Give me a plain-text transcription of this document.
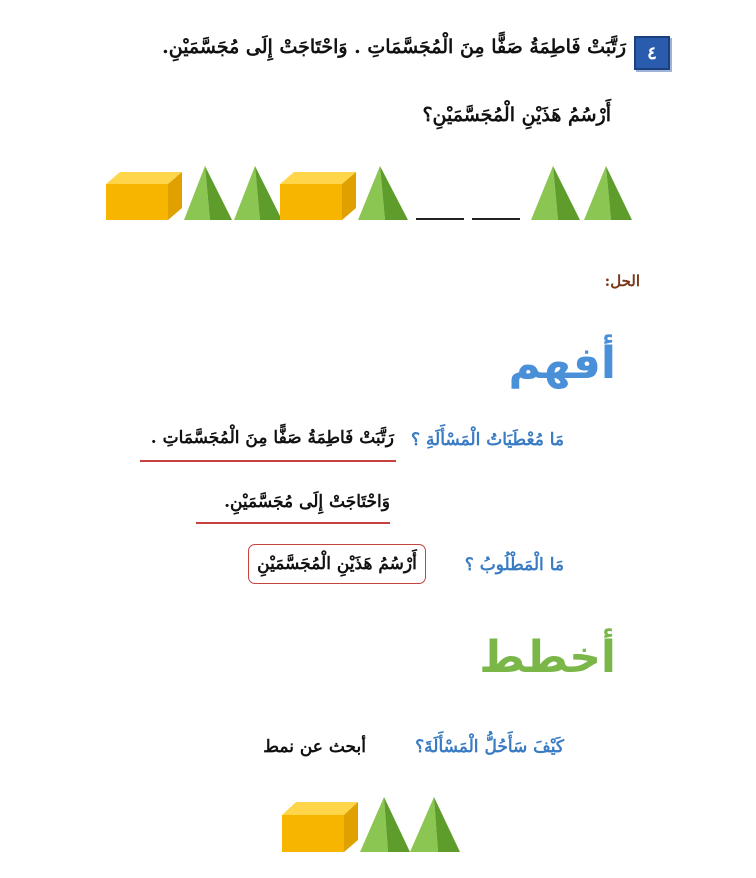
٤
رَتَّبَتْ فَاطِمَةُ صَفًّا مِنَ الْمُجَسَّمَاتِ . وَاحْتَاجَتْ إِلَى مُجَسَّمَيْنِ.
أَرْسُمُ هَذَيْنِ الْمُجَسَّمَيْنِ؟
الحل:
أفهم
مَا مُعْطَيَاتُ الْمَسْأَلَةِ ؟
رَتَّبَتْ فَاطِمَةُ صَفًّا مِنَ الْمُجَسَّمَاتِ .
وَاحْتَاجَتْ إِلَى مُجَسَّمَيْنِ.
مَا الْمَطْلُوبُ ؟
أَرْسُمُ هَذَيْنِ الْمُجَسَّمَيْنِ
أخطط
كَيْفَ سَأَحُلُّ الْمَسْأَلَةَ؟
أبحث عن نمط
